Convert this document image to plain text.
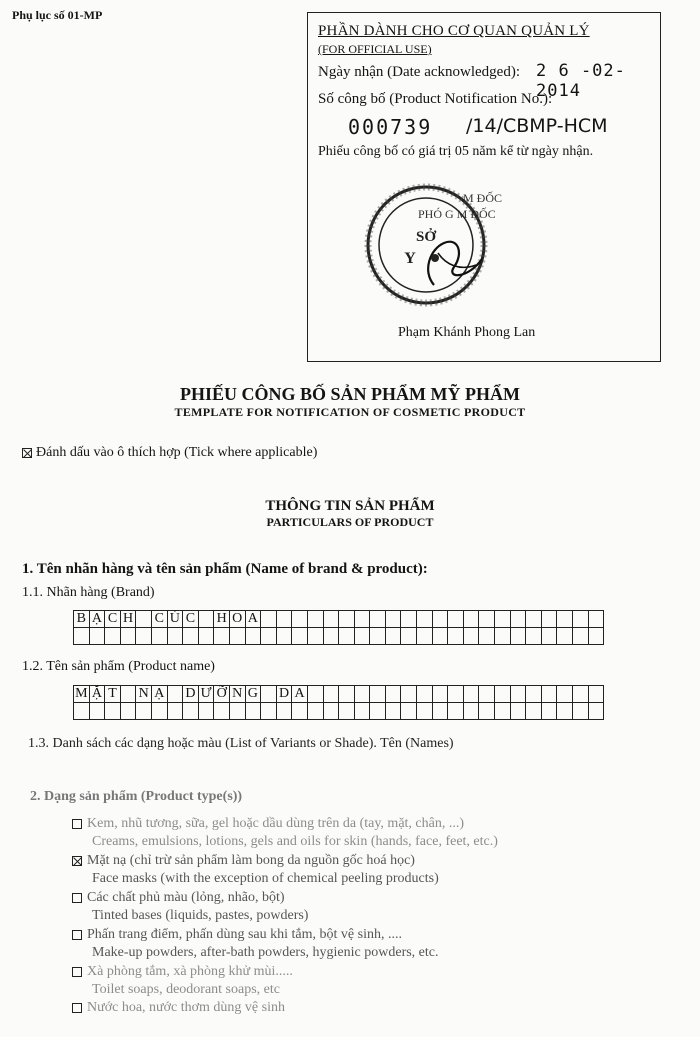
Phụ lục số 01-MP
PHẦN DÀNH CHO CƠ QUAN QUẢN LÝ
(FOR OFFICIAL USE)
Ngày nhận (Date acknowledged): 2 6 -02- 2014
Số công bố (Product Notification No.):
000739 /14/CBMP-HCM
Phiếu công bố có giá trị 05 năm kể từ ngày nhận.
M ĐỐC
PHÓ G M ĐỐC
SỞ
Y
Phạm Khánh Phong Lan
PHIẾU CÔNG BỐ SẢN PHẨM MỸ PHẨM
TEMPLATE FOR NOTIFICATION OF COSMETIC PRODUCT
Đánh dấu vào ô thích hợp (Tick where applicable)
THÔNG TIN SẢN PHẨM
PARTICULARS OF PRODUCT
1. Tên nhãn hàng và tên sản phẩm (Name of brand & product):
1.1. Nhãn hàng (Brand)
B	Ạ	C	H		C	Ú	C		H	O	A																						

1.2. Tên sản phẩm (Product name)
M	Ặ	T		N	Ạ		D	Ư	Ỡ	N	G		D	A																			

1.3. Danh sách các dạng hoặc màu (List of Variants or Shade). Tên (Names)
2. Dạng sản phẩm (Product type(s))
Kem, nhũ tương, sữa, gel hoặc dầu dùng trên da (tay, mặt, chân, ...)
Creams, emulsions, lotions, gels and oils for skin (hands, face, feet, etc.)
Mặt nạ (chỉ trừ sản phẩm làm bong da nguồn gốc hoá học)
Face masks (with the exception of chemical peeling products)
Các chất phủ màu (lỏng, nhão, bột)
Tinted bases (liquids, pastes, powders)
Phấn trang điểm, phấn dùng sau khi tắm, bột vệ sinh, ....
Make-up powders, after-bath powders, hygienic powders, etc.
Xà phòng tắm, xà phòng khử mùi.....
Toilet soaps, deodorant soaps, etc
Nước hoa, nước thơm dùng vệ sinh
